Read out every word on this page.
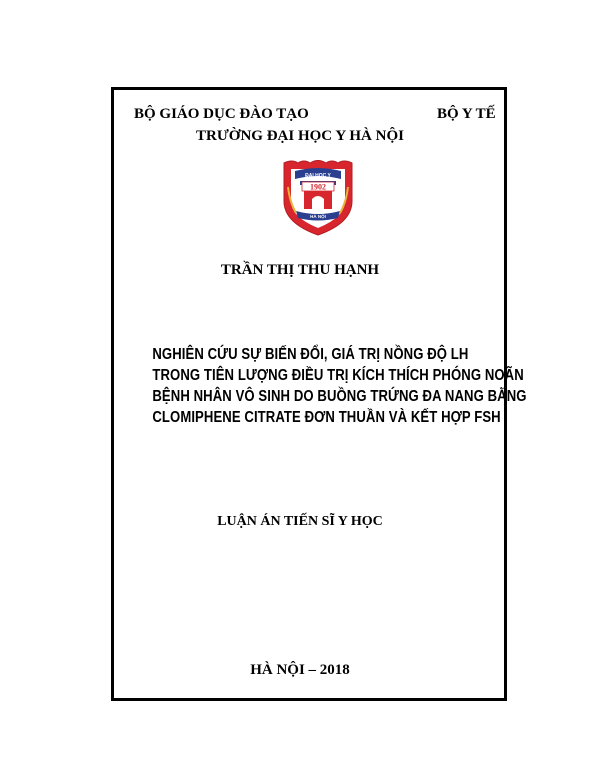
BỘ GIÁO DỤC ĐÀO TẠO	BỘ Y TẾ
TRƯỜNG ĐẠI HỌC Y HÀ NỘI
ĐẠI HỌC Y
1902
HÀ NỘI
TRẦN THỊ THU HẠNH
NGHIÊN CỨU SỰ BIẾN ĐỔI, GIÁ TRỊ NỒNG ĐỘ LH
TRONG TIÊN LƯỢNG ĐIỀU TRỊ KÍCH THÍCH PHÓNG NOÃN
BỆNH NHÂN VÔ SINH DO BUỒNG TRỨNG ĐA NANG BẰNG
CLOMIPHENE CITRATE ĐƠN THUẦN VÀ KẾT HỢP FSH
LUẬN ÁN TIẾN SĨ Y HỌC
HÀ NỘI – 2018
